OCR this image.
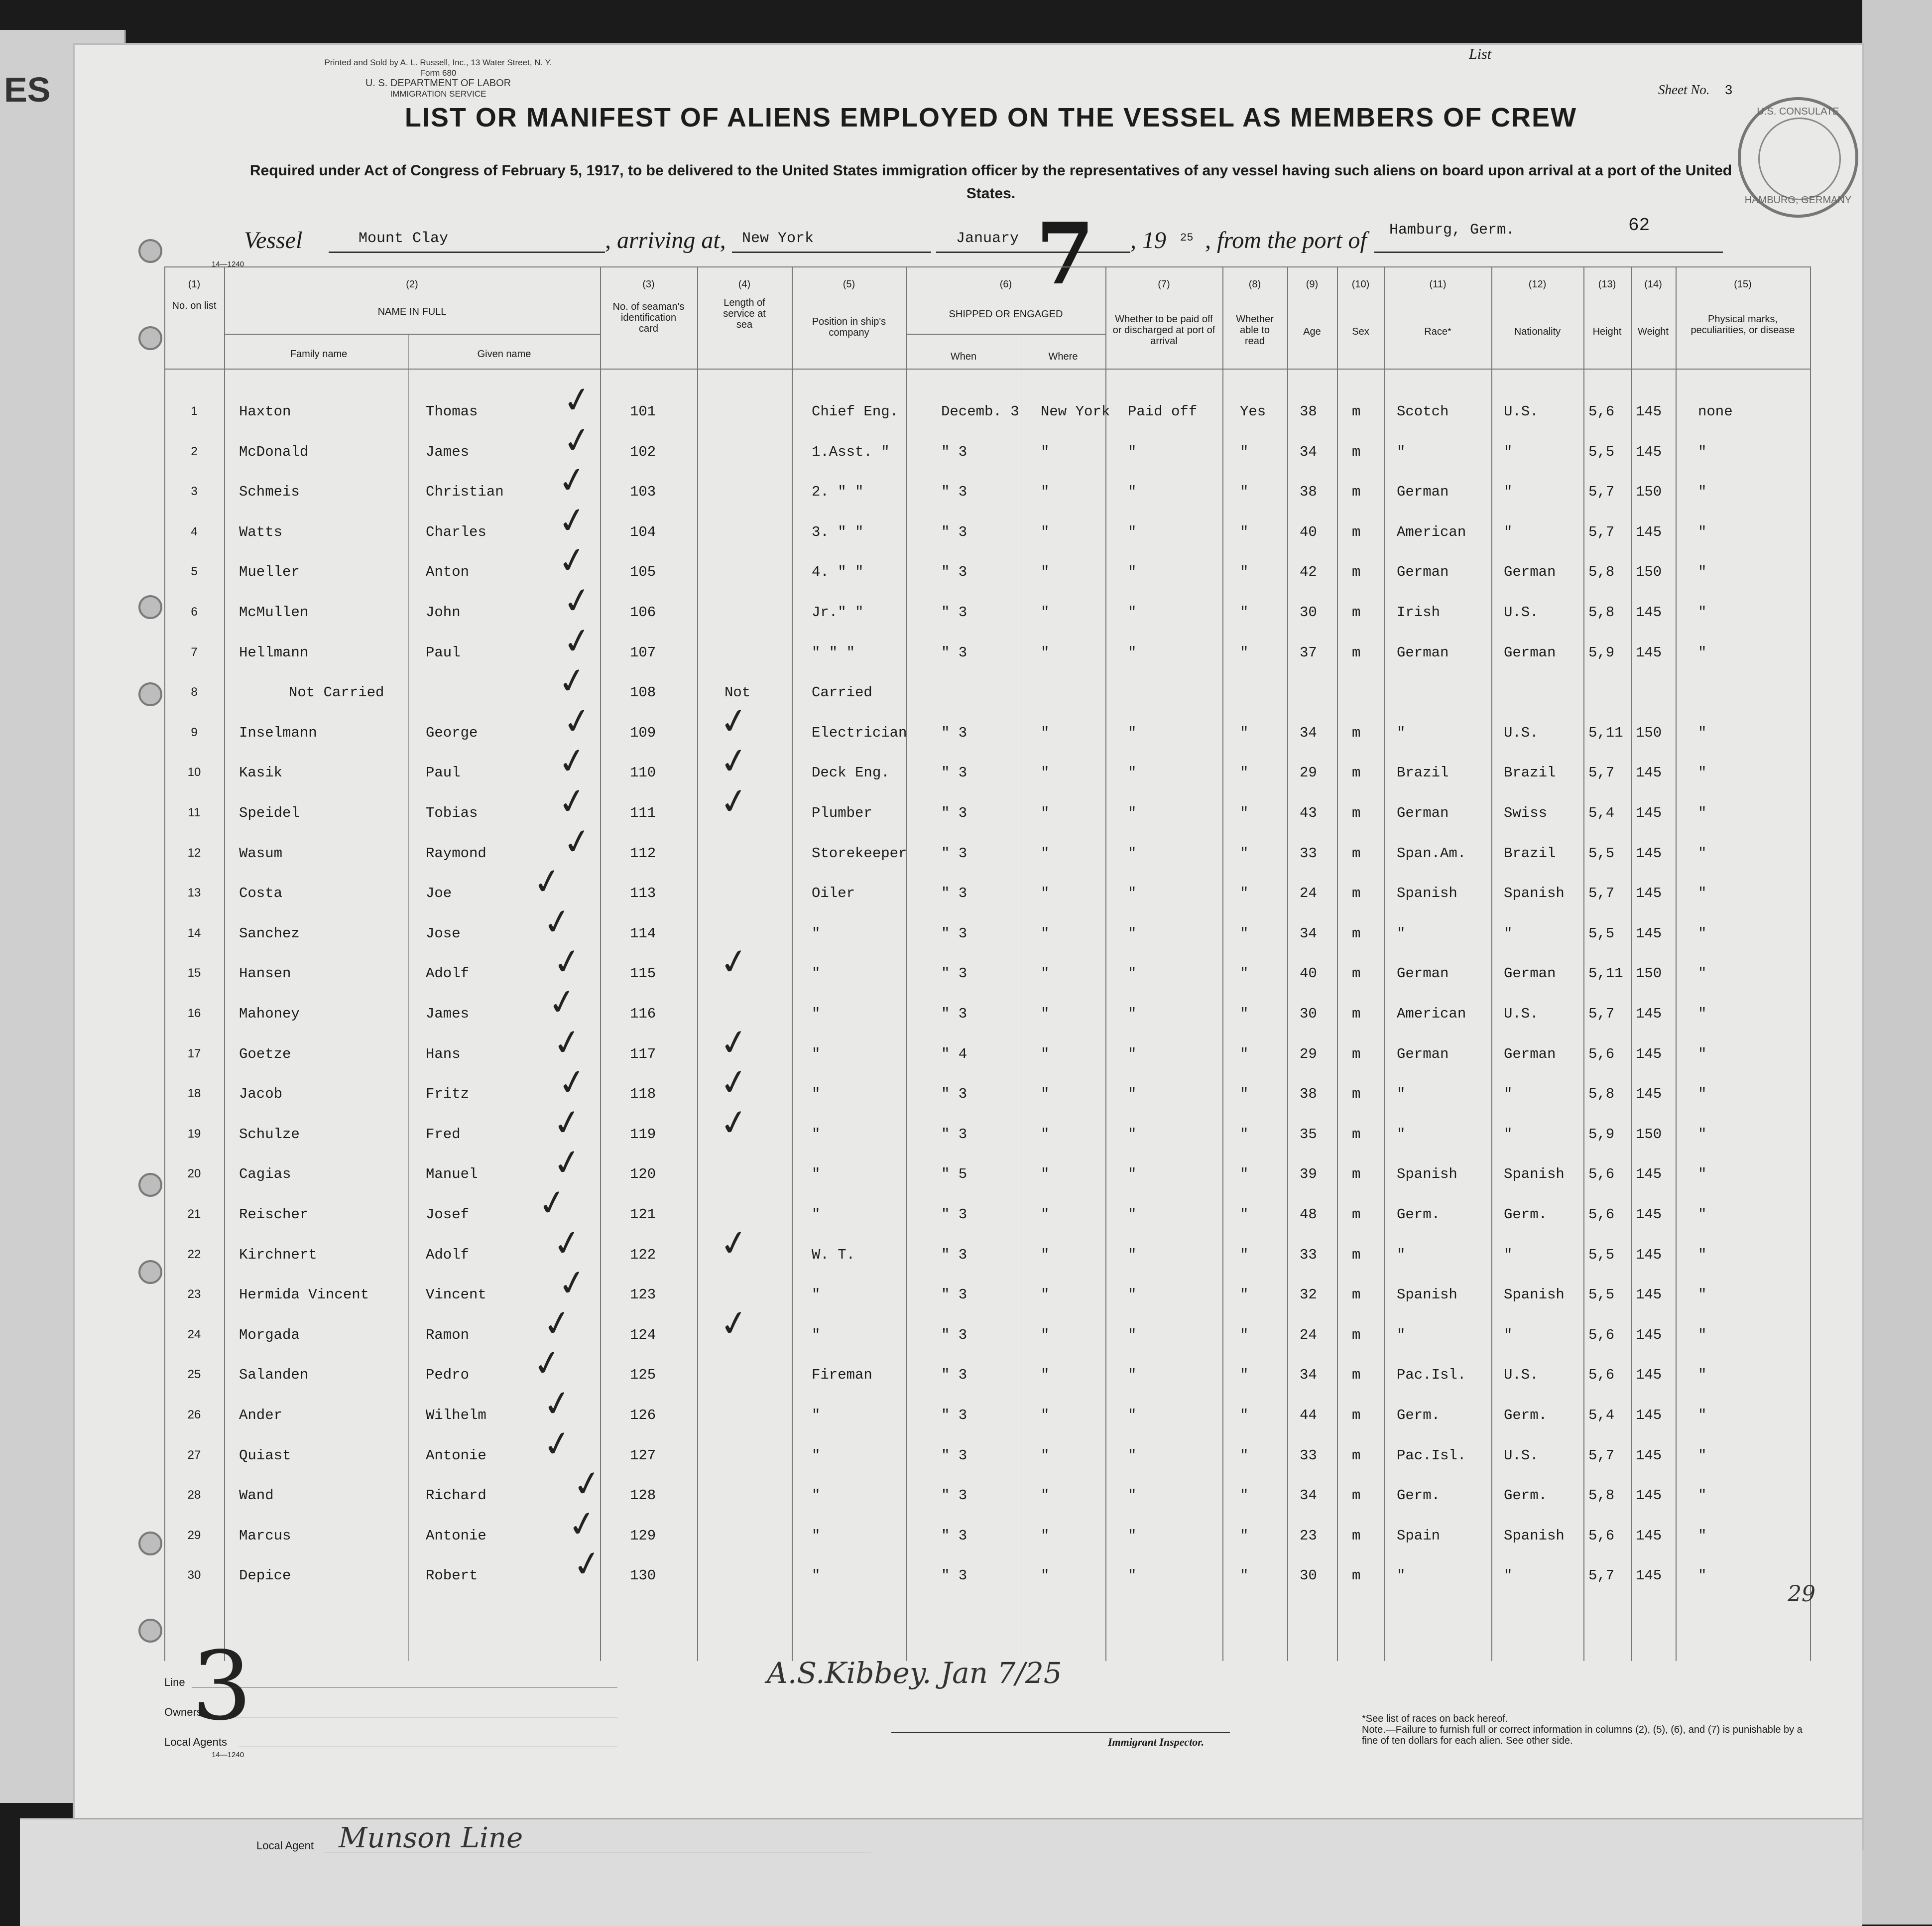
ES
Printed and Sold by A. L. Russell, Inc., 13 Water Street, N. Y.
Form 680
U. S. DEPARTMENT OF LABOR
IMMIGRATION SERVICE	Sheet No. 3
List
U.S. CONSULATE
HAMBURG, GERMANY
LIST OR MANIFEST OF ALIENS EMPLOYED ON THE VESSEL AS MEMBERS OF CREW
Required under Act of Congress of February 5, 1917, to be delivered to the United States immigration officer by the representatives of any vessel having such aliens on board upon arrival at a port of the United States.
Vessel	Mount Clay	, arriving at, New York	January 7 , 19 25 , from the port of Hamburg, Germ.	62
14—1240
(1)	(2)	(3)	(4)	(5)	(6)	(7)	(8)	(9)	(10)	(11)	(12)	(13)	(14)	(15)
No. on list
NAME IN FULL
Family name	Given name
No. of seaman's identification card
Length of service at sea	Position in ship's company
SHIPPED OR ENGAGED
When	Where
Whether to be paid off or discharged at port of arrival
Whether able to read
Age	Sex	Race*	Nationality	Height	Weight
Physical marks, peculiarities, or disease
1	Haxton	Thomas	101	Chief Eng.	Decemb. 3 New York Paid off	Yes 38 m	Scotch	U.S.	5,6 145	none
✓
2	McDonald	James	102	1.Asst. "	" 3	"	"	"	34 m	"	"	5,5 145	"
✓
3	Schmeis	Christian	103	2. " "	" 3	"	"	"	38 m	German	"	5,7 150	"
✓
4	Watts	Charles	104	3. " "	" 3	"	"	"	40 m	American	"	5,7 145	"
✓
5	Mueller	Anton	105	4. " "	" 3	"	"	"	42 m	German	German 5,8 150	"
✓
6	McMullen	John	106	Jr." "	" 3	"	"	"	30 m	Irish	U.S.	5,8 145	"
✓
7	Hellmann	Paul	107	" " "	" 3	"	"	"	37 m	German	German 5,9 145	"
✓
8	Not Carried	108	Not	Carried
✓
9	Inselmann	George	109	Electrician " 3	"	"	"	34 m	"	U.S.	5,11 150	"
✓
10	Kasik	Paul	110	Deck Eng.	" 3	"	"	"	29 m	Brazil	Brazil 5,7 145	"
✓
11	Speidel	Tobias	111	Plumber	" 3	"	"	"	43 m	German	Swiss	5,4 145	"
✓
12	Wasum	Raymond	112	Storekeeper " 3	"	"	"	33 m	Span.Am.	Brazil 5,5 145	"
✓
13	Costa	Joe	113	Oiler	" 3	"	"	"	24 m	Spanish	Spanish 5,7 145	"
✓
14	Sanchez	Jose	114	"	" 3	"	"	"	34 m	"	"	5,5 145	"
✓
15	Hansen	Adolf	115	"	" 3	"	"	"	40 m	German	German 5,11 150	"
✓
16	Mahoney	James	116	"	" 3	"	"	"	30 m	American	U.S.	5,7 145	"
✓
17	Goetze	Hans	117	"	" 4	"	"	"	29 m	German	German 5,6 145	"
✓
18	Jacob	Fritz	118	"	" 3	"	"	"	38 m	"	"	5,8 145	"
✓
19	Schulze	Fred	119	"	" 3	"	"	"	35 m	"	"	5,9 150	"
✓
20	Cagias	Manuel	120	"	" 5	"	"	"	39 m	Spanish	Spanish 5,6 145	"
✓
21	Reischer	Josef	121	"	" 3	"	"	"	48 m	Germ.	Germ.	5,6 145	"
✓
22	Kirchnert	Adolf	122	W. T.	" 3	"	"	"	33 m	"	"	5,5 145	"
✓
23	Hermida Vincent	Vincent	123	"	" 3	"	"	"	32 m	Spanish	Spanish 5,5 145	"
✓
24	Morgada	Ramon	124	"	" 3	"	"	"	24 m	"	"	5,6 145	"
✓
25	Salanden	Pedro	125	Fireman	" 3	"	"	"	34 m	Pac.Isl.	U.S.	5,6 145	"
✓
26	Ander	Wilhelm	126	"	" 3	"	"	"	44 m	Germ.	Germ.	5,4 145	"
✓
27	Quiast	Antonie	127	"	" 3	"	"	"	33 m	Pac.Isl.	U.S.	5,7 145	"
✓
28	Wand	Richard	128	"	" 3	"	"	"	34 m	Germ.	Germ.	5,8 145	"
✓
29	Marcus	Antonie	129	"	" 3	"	"	"	23 m	Spain	Spanish 5,6 145	"
✓
30	Depice	Robert	130	"	" 3	"	"	"	30 m	"	"	5,7 145	"
✓
✓
✓
✓
✓
✓
✓
✓
✓
✓
3
Line
Owners
Local Agents
14—1240
A.S.Kibbey. Jan 7/25
Immigrant Inspector.
*See list of races on back hereof.
Note.—Failure to furnish full or correct information in columns (2), (5), (6), and (7) is punishable by a fine of ten dollars for each alien. See other side.
29
Local Agent Munson Line
